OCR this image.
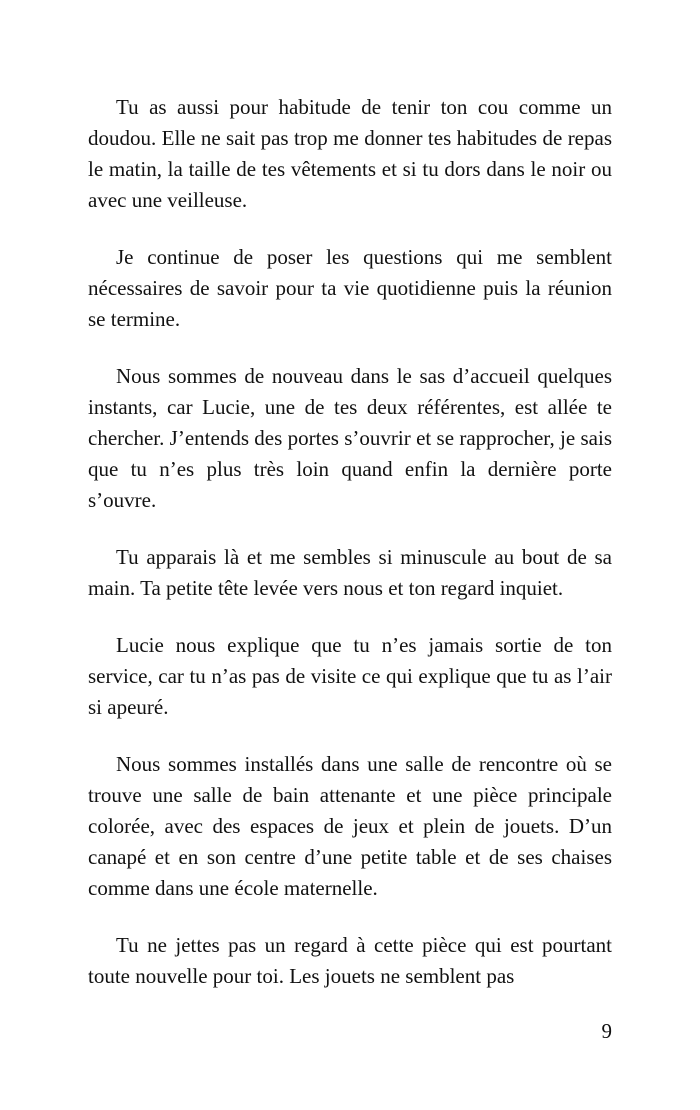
Tu as aussi pour habitude de tenir ton cou comme un doudou. Elle ne sait pas trop me donner tes habitudes de repas le matin, la taille de tes vêtements et si tu dors dans le noir ou avec une veilleuse.

Je continue de poser les questions qui me semblent nécessaires de savoir pour ta vie quotidienne puis la réunion se termine.

Nous sommes de nouveau dans le sas d’accueil quelques instants, car Lucie, une de tes deux référentes, est allée te chercher. J’entends des portes s’ouvrir et se rapprocher, je sais que tu n’es plus très loin quand enfin la dernière porte s’ouvre.

Tu apparais là et me sembles si minuscule au bout de sa main. Ta petite tête levée vers nous et ton regard inquiet.

Lucie nous explique que tu n’es jamais sortie de ton service, car tu n’as pas de visite ce qui explique que tu as l’air si apeuré.

Nous sommes installés dans une salle de rencontre où se trouve une salle de bain attenante et une pièce principale colorée, avec des espaces de jeux et plein de jouets. D’un canapé et en son centre d’une petite table et de ses chaises comme dans une école maternelle.

Tu ne jettes pas un regard à cette pièce qui est pourtant toute nouvelle pour toi. Les jouets ne semblent pas

9
